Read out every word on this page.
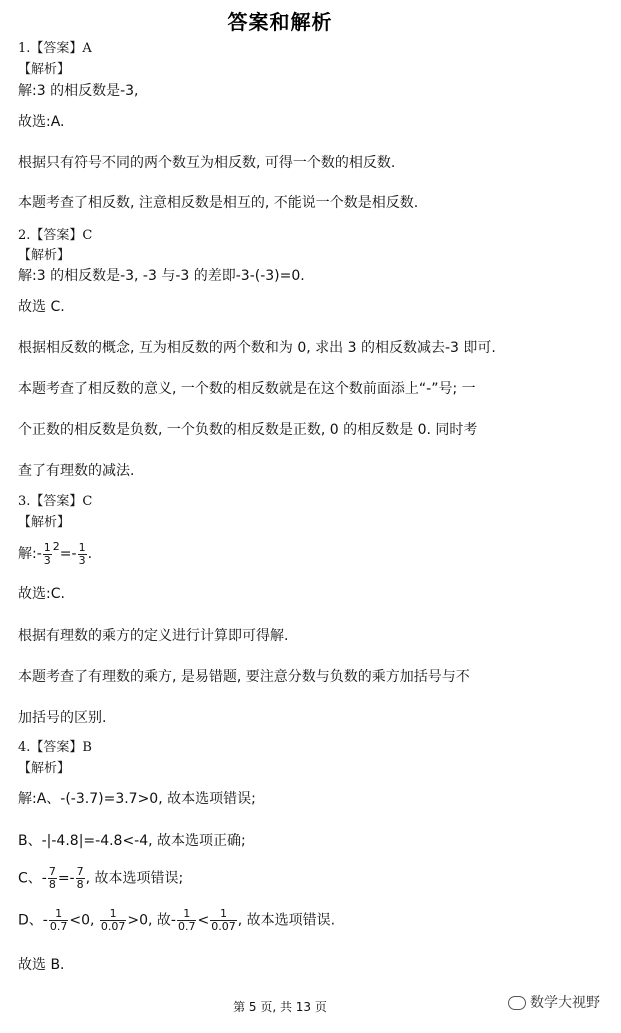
答案和解析
1.【答案】A
【解析】
解:3 的相反数是-3,
故选:A.
根据只有符号不同的两个数互为相反数, 可得一个数的相反数.
本题考查了相反数, 注意相反数是相互的, 不能说一个数是相反数.
2.【答案】C
【解析】
解:3 的相反数是-3, -3 与-3 的差即-3-(-3)=0.
故选 C.
根据相反数的概念, 互为相反数的两个数和为 0, 求出 3 的相反数减去-3 即可.
本题考查了相反数的意义, 一个数的相反数就是在这个数前面添上“-”号; 一
个正数的相反数是负数, 一个负数的相反数是正数, 0 的相反数是 0. 同时考
查了有理数的减法.
3.【答案】C
【解析】
解:- $\frac{1}{3} ^2=- \frac{1}{3}$ .
故选:C.
根据有理数的乘方的定义进行计算即可得解.
本题考查了有理数的乘方, 是易错题, 要注意分数与负数的乘方加括号与不
加括号的区别.
4.【答案】B
【解析】
解:A、-(-3.7)=3.7>0, 故本选项错误;
B、-|-4.8|=-4.8<-4, 故本选项正确;
C、- $\frac{7}{8} =- \frac{7}{8}$ , 故本选项错误;
D、- $\frac{1}{0.7} <0$, $\frac{1}{0.07} >0$, 故- $\frac{1}{0.7} < \frac{1}{0.07}$ , 故本选项错误.
故选 B.
第 5 页, 共 13 页	数学大视野
